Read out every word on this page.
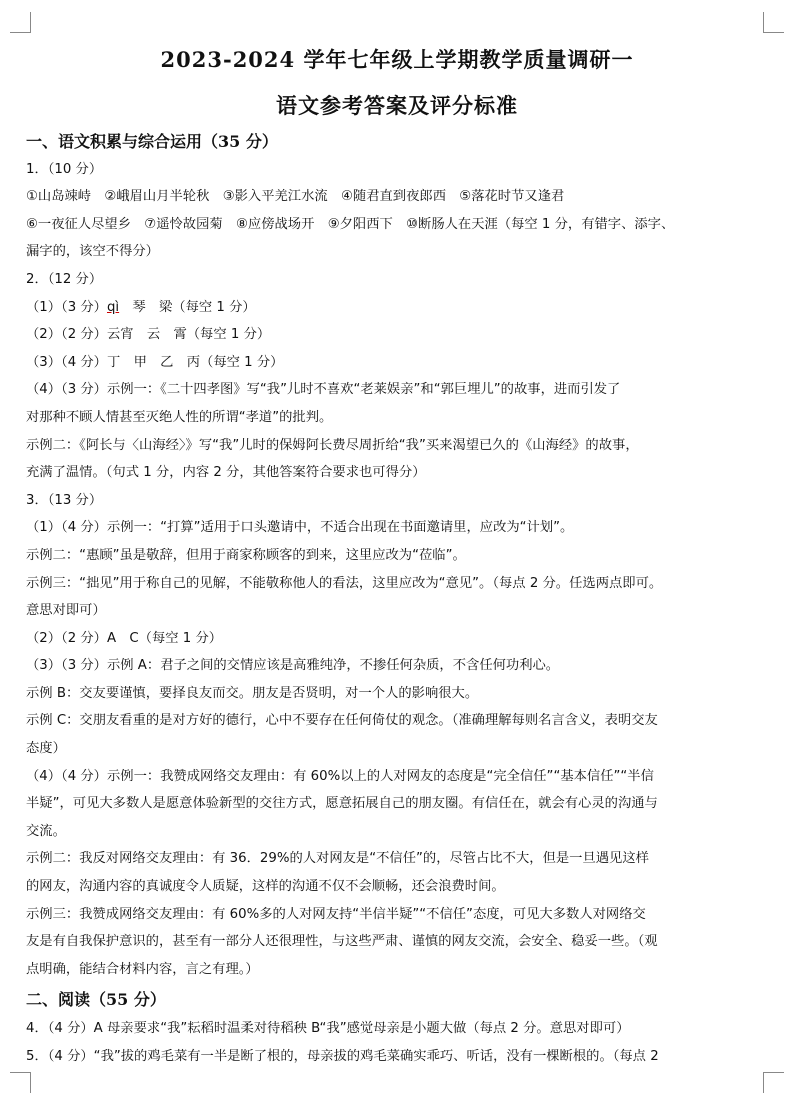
2023-2024 学年七年级上学期教学质量调研一
语文参考答案及评分标准
一、语文积累与综合运用（35 分）
1．（10 分）
①山岛竦峙　②峨眉山月半轮秋　③影入平羌江水流　④随君直到夜郎西　⑤落花时节又逢君
⑥一夜征人尽望乡　⑦遥怜故园菊　⑧应傍战场开　⑨夕阳西下　⑩断肠人在天涯（每空 1 分，有错字、添字、
漏字的，该空不得分）
2．（12 分）
（1）（3 分）qì　琴　梁（每空 1 分）
（2）（2 分）云宵　云　霄（每空 1 分）
（3）（4 分）丁　甲　乙　丙（每空 1 分）
（4）（3 分）示例一：《二十四孝图》写“我”儿时不喜欢“老莱娱亲”和“郭巨埋儿”的故事，进而引发了
对那种不顾人情甚至灭绝人性的所谓“孝道”的批判。
示例二：《阿长与〈山海经〉》写“我”儿时的保姆阿长费尽周折给“我”买来渴望已久的《山海经》的故事，
充满了温情。（句式 1 分，内容 2 分，其他答案符合要求也可得分）
3．（13 分）
（1）（4 分）示例一：“打算”适用于口头邀请中，不适合出现在书面邀请里，应改为“计划”。
示例二：“惠顾”虽是敬辞，但用于商家称顾客的到来，这里应改为“莅临”。
示例三：“拙见”用于称自己的见解，不能敬称他人的看法，这里应改为“意见”。（每点 2 分。任选两点即可。
意思对即可）
（2）（2 分）A　C（每空 1 分）
（3）（3 分）示例 A：君子之间的交情应该是高雅纯净，不掺任何杂质，不含任何功利心。
示例 B：交友要谨慎，要择良友而交。朋友是否贤明，对一个人的影响很大。
示例 C：交朋友看重的是对方好的德行，心中不要存在任何倚仗的观念。（准确理解每则名言含义，表明交友
态度）
（4）（4 分）示例一：我赞成网络交友理由：有 60%以上的人对网友的态度是“完全信任”“基本信任”“半信
半疑”，可见大多数人是愿意体验新型的交往方式，愿意拓展自己的朋友圈。有信任在，就会有心灵的沟通与
交流。
示例二：我反对网络交友理由：有 36．29%的人对网友是“不信任”的，尽管占比不大，但是一旦遇见这样
的网友，沟通内容的真诚度令人质疑，这样的沟通不仅不会顺畅，还会浪费时间。
示例三：我赞成网络交友理由：有 60%多的人对网友持“半信半疑”“不信任”态度，可见大多数人对网络交
友是有自我保护意识的，甚至有一部分人还很理性，与这些严肃、谨慎的网友交流，会安全、稳妥一些。（观
点明确，能结合材料内容，言之有理。）
二、阅读（55 分）
4．（4 分）A 母亲要求“我”耘稻时温柔对待稻秧 B“我”感觉母亲是小题大做（每点 2 分。意思对即可）
5．（4 分）“我”拔的鸡毛菜有一半是断了根的，母亲拔的鸡毛菜确实乖巧、听话，没有一棵断根的。（每点 2
